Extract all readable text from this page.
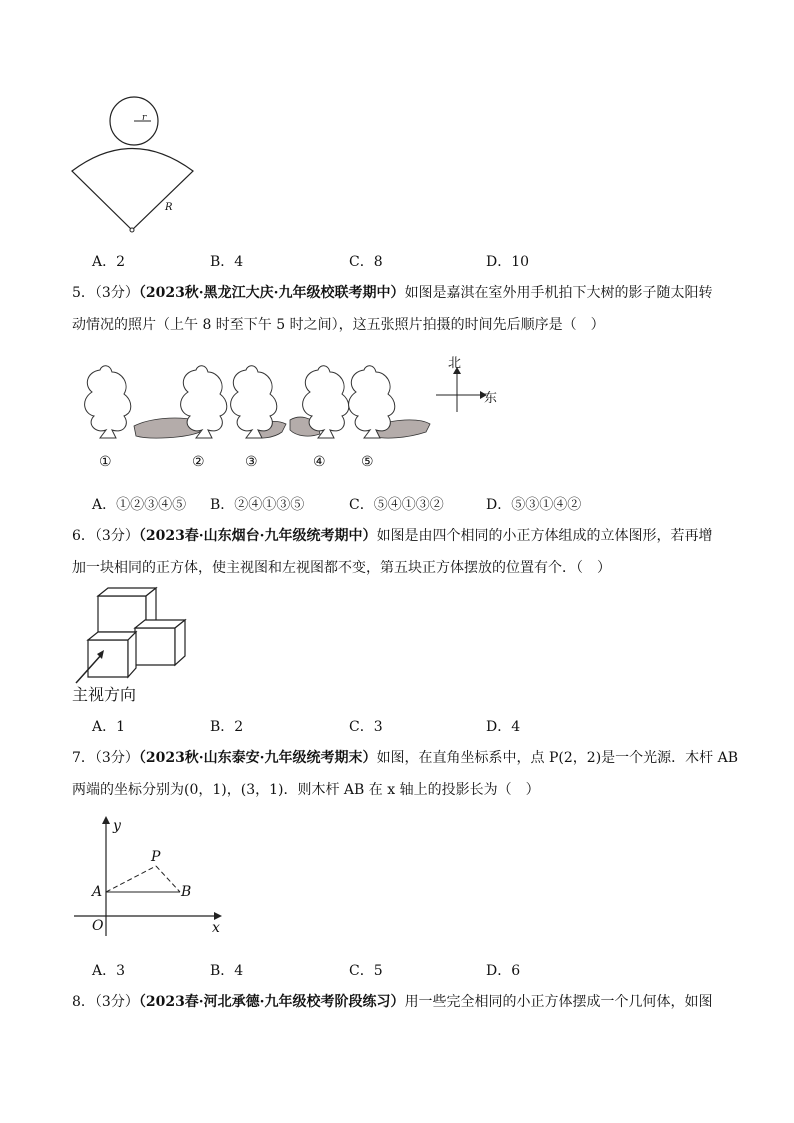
r
R
A．2	B．4	C．8	D．10
5．（3分）（2023秋·黑龙江大庆·九年级校联考期中）如图是嘉淇在室外用手机拍下大树的影子随太阳转
动情况的照片（上午 8 时至下午 5 时之间），这五张照片拍摄的时间先后顺序是（　）
北
东
①	②	③	④	⑤
A．①②③④⑤ B．②④①③⑤	C．⑤④①③②	D．⑤③①④②
6．（3分）（2023春·山东烟台·九年级统考期中）如图是由四个相同的小正方体组成的立体图形，若再增
加一块相同的正方体，使主视图和左视图都不变，第五块正方体摆放的位置有个．（　）
主视方向
A．1	B．2	C．3	D．4
7．（3分）（2023秋·山东泰安·九年级统考期末）如图，在直角坐标系中，点 P(2，2)是一个光源．木杆 AB
两端的坐标分别为(0，1)，(3，1)．则木杆 AB 在 x 轴上的投影长为（　）
y
x
O
A	B
P
A．3	B．4	C．5	D．6
8．（3分）（2023春·河北承德·九年级校考阶段练习）用一些完全相同的小正方体摆成一个几何体，如图
